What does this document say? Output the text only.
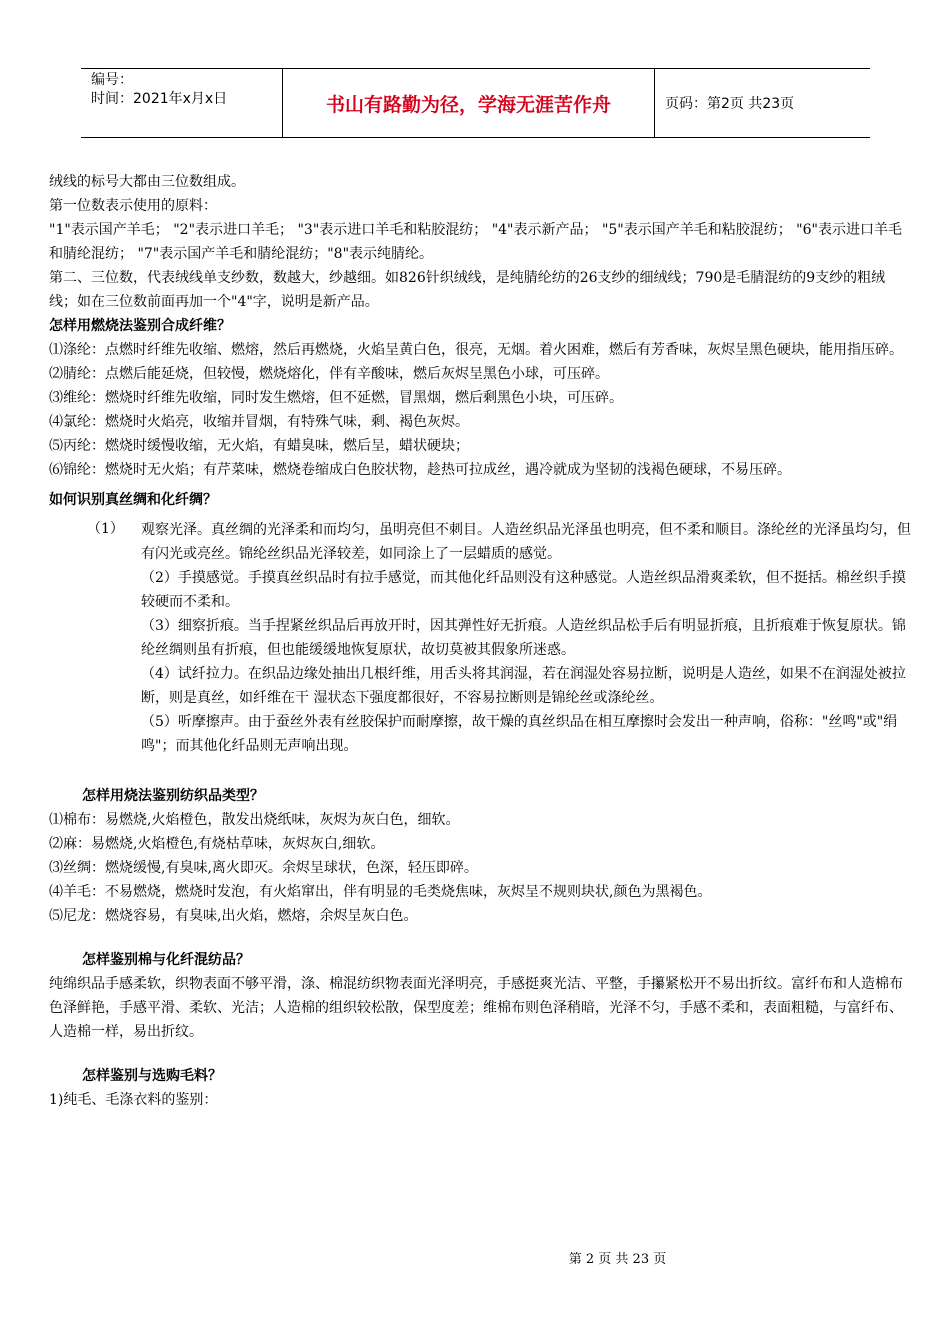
编号：
时间：2021年x月x日	书山有路勤为径，学海无涯苦作舟	页码：第2页 共23页

绒线的标号大都由三位数组成。

第一位数表示使用的原料：

"1"表示国产羊毛； "2"表示进口羊毛； "3"表示进口羊毛和粘胶混纺； "4"表示新产品； "5"表示国产羊毛和粘胶混纺； "6"表示进口羊毛和腈纶混纺； "7"表示国产羊毛和腈纶混纺；"8"表示纯腈纶。

第二、三位数，代表绒线单支纱数，数越大，纱越细。如826针织绒线，是纯腈纶纺的26支纱的细绒线；790是毛腈混纺的9支纱的粗绒线；如在三位数前面再加一个"4"字，说明是新产品。

怎样用燃烧法鉴别合成纤维？

⑴涤纶：点燃时纤维先收缩、燃熔，然后再燃烧，火焰呈黄白色，很亮，无烟。着火困难，燃后有芳香味，灰烬呈黑色硬块，能用指压碎。

⑵腈纶：点燃后能延烧，但较慢，燃烧熔化，伴有辛酸味，燃后灰烬呈黑色小球，可压碎。

⑶维纶：燃烧时纤维先收缩，同时发生燃熔，但不延燃，冒黑烟，燃后剩黑色小块，可压碎。

⑷氯纶：燃烧时火焰亮，收缩并冒烟，有特殊气味，剩、褐色灰烬。

⑸丙纶：燃烧时缓慢收缩，无火焰，有蜡臭味，燃后呈，蜡状硬块；

⑹锦纶：燃烧时无火焰；有芹菜味，燃烧卷缩成白色胶状物，趁热可拉成丝，遇冷就成为坚韧的浅褐色硬球，不易压碎。

如何识别真丝绸和化纤绸？

（1）	观察光泽。真丝绸的光泽柔和而均匀，虽明亮但不刺目。人造丝织品光泽虽也明亮，但不柔和顺目。涤纶丝的光泽虽均匀，但有闪光或亮丝。锦纶丝织品光泽较差，如同涂上了一层蜡质的感觉。

（2）手摸感觉。手摸真丝织品时有拉手感觉，而其他化纤品则没有这种感觉。人造丝织品滑爽柔软，但不挺括。棉丝织手摸较硬而不柔和。

（3）细察折痕。当手捏紧丝织品后再放开时，因其弹性好无折痕。人造丝织品松手后有明显折痕，且折痕难于恢复原状。锦纶丝绸则虽有折痕，但也能缓缓地恢复原状，故切莫被其假象所迷惑。

（4）试纤拉力。在织品边缘处抽出几根纤维，用舌头将其润湿，若在润湿处容易拉断，说明是人造丝，如果不在润湿处被拉断，则是真丝，如纤维在干 湿状态下强度都很好，不容易拉断则是锦纶丝或涤纶丝。

（5）听摩擦声。由于蚕丝外表有丝胶保护而耐摩擦，故干燥的真丝织品在相互摩擦时会发出一种声响，俗称："丝鸣"或"绢鸣"；而其他化纤品则无声响出现。

怎样用烧法鉴别纺织品类型？

⑴棉布：易燃烧,火焰橙色，散发出烧纸味，灰烬为灰白色，细软。

⑵麻：易燃烧,火焰橙色,有烧枯草味，灰烬灰白,细软。

⑶丝绸：燃烧缓慢,有臭味,离火即灭。余烬呈球状，色深，轻压即碎。

⑷羊毛：不易燃烧，燃烧时发泡，有火焰窜出，伴有明显的毛类烧焦味，灰烬呈不规则块状,颜色为黑褐色。

⑸尼龙：燃烧容易，有臭味,出火焰，燃熔，余烬呈灰白色。

怎样鉴别棉与化纤混纺品？

纯绵织品手感柔软，织物表面不够平滑，涤、棉混纺织物表面光泽明亮，手感挺爽光洁、平整，手攥紧松开不易出折纹。富纤布和人造棉布色泽鲜艳，手感平滑、柔软、光洁；人造棉的组织较松散，保型度差；维棉布则色泽稍暗，光泽不匀，手感不柔和，表面粗糙，与富纤布、人造棉一样，易出折纹。

怎样鉴别与选购毛料？

1)纯毛、毛涤衣料的鉴别：

第 2 页 共 23 页
